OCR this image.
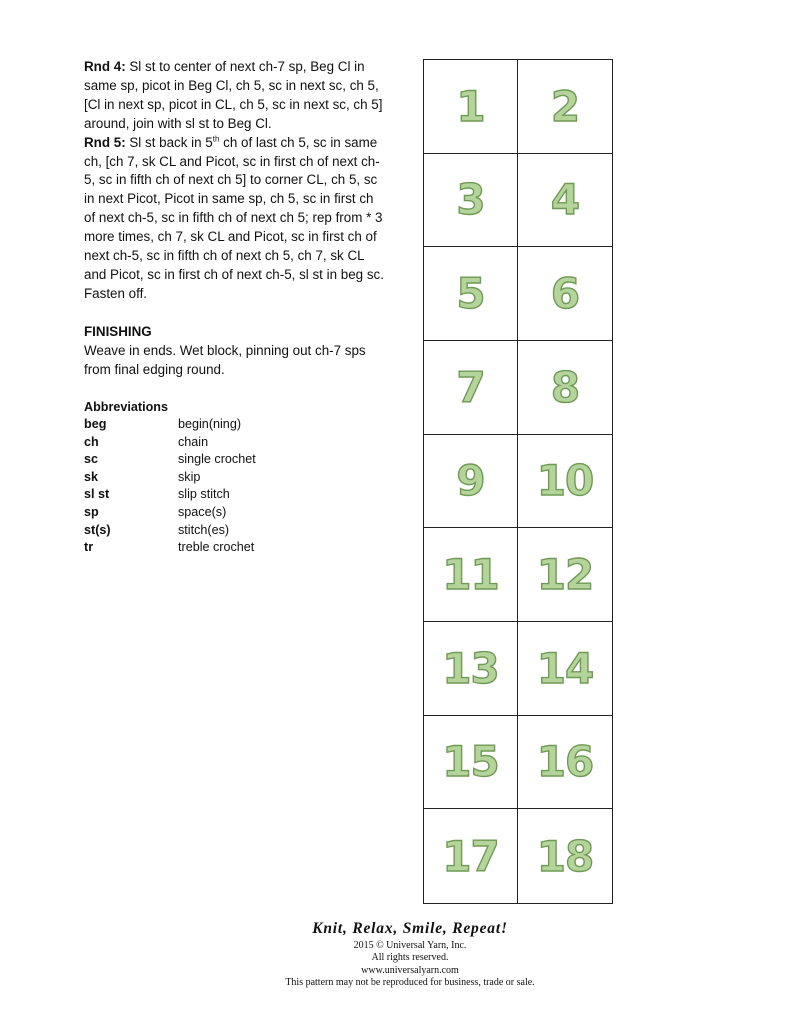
Rnd 4: Sl st to center of next ch-7 sp, Beg Cl in same sp, picot in Beg Cl, ch 5, sc in next sc, ch 5, [Cl in next sp, picot in CL, ch 5, sc in next sc, ch 5] around, join with sl st to Beg Cl.

Rnd 5: Sl st back in 5th ch of last ch 5, sc in same ch, [ch 7, sk CL and Picot, sc in first ch of next ch-5, sc in fifth ch of next ch 5] to corner CL, ch 5, sc in next Picot, Picot in same sp, ch 5, sc in first ch of next ch-5, sc in fifth ch of next ch 5; rep from * 3 more times, ch 7, sk CL and Picot, sc in first ch of next ch-5, sc in fifth ch of next ch 5, ch 7, sk CL and Picot, sc in first ch of next ch-5, sl st in beg sc. Fasten off.

FINISHING

Weave in ends. Wet block, pinning out ch-7 sps from final edging round.

Abbreviations

beg	begin(ning)
ch	chain
sc	single crochet
sk	skip
sl st	slip stitch
sp	space(s)
st(s)	stitch(es)
tr	treble crochet
1 2
3 4
5 6
7 8
9 10
11 12
13 14
15 16
17 18
Knit, Relax, Smile, Repeat!
2015 © Universal Yarn, Inc.
All rights reserved.
www.universalyarn.com
This pattern may not be reproduced for business, trade or sale.
